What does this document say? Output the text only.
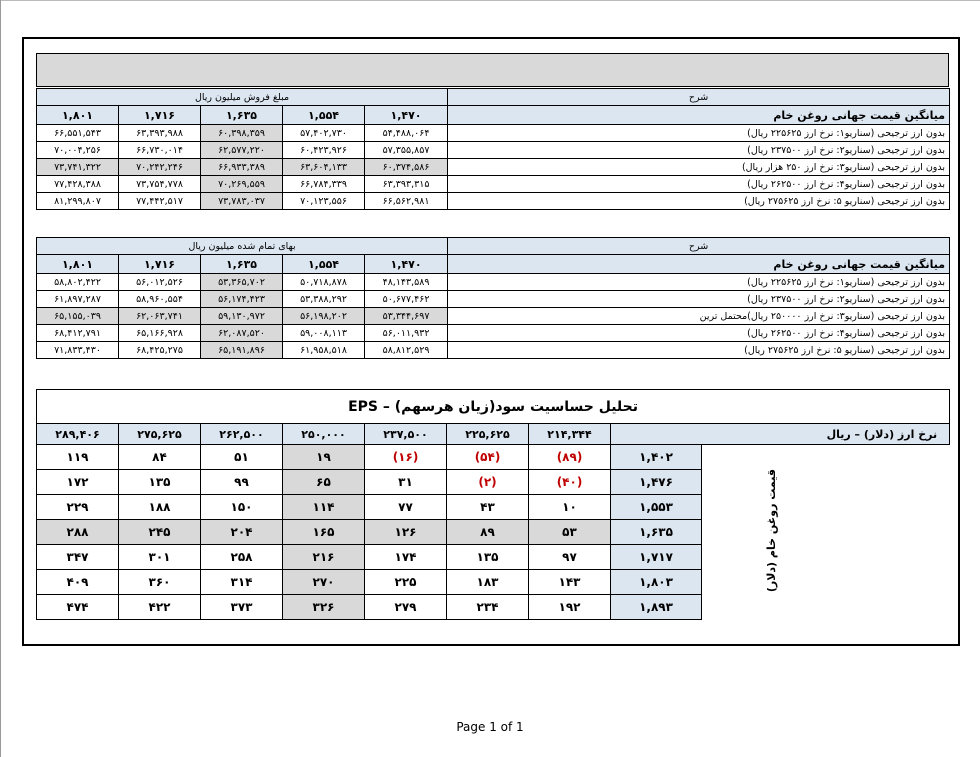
مبلغ فروش میلیون ریال					شرح
۱,۸۰۱	۱,۷۱۶	۱,۶۳۵	۱,۵۵۴	۱,۴۷۰	میانگین قیمت جهانی روغن خام
۶۶,۵۵۱,۵۴۳	۶۳,۳۹۳,۹۸۸	۶۰,۳۹۸,۳۵۹	۵۷,۴۰۲,۷۳۰	۵۴,۴۸۸,۰۶۴	بدون ارز ترجیحی (سناریو۱: نرخ ارز ۲۲۵۶۲۵ ریال)
۷۰,۰۰۴,۲۵۶	۶۶,۷۳۰,۰۱۴	۶۲,۵۷۷,۲۲۰	۶۰,۴۲۳,۹۲۶	۵۷,۳۵۵,۸۵۷	بدون ارز ترجیحی (سناریو۲: نرخ ارز ۲۳۷۵۰۰ ریال)
۷۳,۷۴۱,۳۲۲	۷۰,۲۴۲,۲۴۶	۶۶,۹۳۳,۳۸۹	۶۳,۶۰۴,۱۳۳	۶۰,۳۷۴,۵۸۶	بدون ارز ترجیحی (سناریو۳: نرخ ارز ۲۵۰ هزار ریال)
۷۷,۴۲۸,۳۸۸	۷۳,۷۵۴,۷۷۸	۷۰,۲۶۹,۵۵۹	۶۶,۷۸۴,۳۳۹	۶۳,۳۹۳,۳۱۵	بدون ارز ترجیحی (سناریو۴: نرخ ارز ۲۶۲۵۰۰ ریال)
۸۱,۲۹۹,۸۰۷	۷۷,۴۴۲,۵۱۷	۷۳,۷۸۳,۰۳۷	۷۰,۱۲۳,۵۵۶	۶۶,۵۶۲,۹۸۱	بدون ارز ترجیحی (سناریو ۵: نرخ ارز ۲۷۵۶۲۵ ریال)
بهای تمام شده میلیون ریال					شرح
۱,۸۰۱	۱,۷۱۶	۱,۶۳۵	۱,۵۵۴	۱,۴۷۰	میانگین قیمت جهانی روغن خام
۵۸,۸۰۲,۴۲۲	۵۶,۰۱۲,۵۲۶	۵۳,۳۶۵,۷۰۲	۵۰,۷۱۸,۸۷۸	۴۸,۱۴۳,۵۸۹	بدون ارز ترجیحی (سناریو۱: نرخ ارز ۲۲۵۶۲۵ ریال)
۶۱,۸۹۷,۲۸۷	۵۸,۹۶۰,۵۵۴	۵۶,۱۷۴,۴۲۳	۵۳,۳۸۸,۲۹۲	۵۰,۶۷۷,۴۶۲	بدون ارز ترجیحی (سناریو۲: نرخ ارز ۲۳۷۵۰۰ ریال)
۶۵,۱۵۵,۰۳۹	۶۲,۰۶۳,۷۴۱	۵۹,۱۳۰,۹۷۲	۵۶,۱۹۸,۲۰۲	۵۳,۳۴۴,۶۹۷	بدون ارز ترجیحی (سناریو۳: نرخ ارز ۲۵۰۰۰۰ ریال)محتمل ترین
۶۸,۴۱۲,۷۹۱	۶۵,۱۶۶,۹۲۸	۶۲,۰۸۷,۵۲۰	۵۹,۰۰۸,۱۱۳	۵۶,۰۱۱,۹۳۲	بدون ارز ترجیحی (سناریو۴: نرخ ارز ۲۶۲۵۰۰ ریال)
۷۱,۸۳۳,۴۳۰	۶۸,۴۲۵,۲۷۵	۶۵,۱۹۱,۸۹۶	۶۱,۹۵۸,۵۱۸	۵۸,۸۱۲,۵۲۹	بدون ارز ترجیحی (سناریو ۵: نرخ ارز ۲۷۵۶۲۵ ریال)
تحلیل حساسیت سود(زیان هرسهم) – EPS								
۲۸۹,۴۰۶	۲۷۵,۶۲۵	۲۶۲,۵۰۰	۲۵۰,۰۰۰	۲۳۷,۵۰۰	۲۲۵,۶۲۵	۲۱۴,۳۴۴	نرخ ارز (دلار) – ریال	
۱۱۹	۸۴	۵۱	۱۹	(۱۶)	(۵۴)	(۸۹)	۱,۴۰۲	قیمت روغن خام (دلار)
۱۷۲	۱۳۵	۹۹	۶۵	۳۱	(۲)	(۴۰)	۱,۴۷۶	
۲۲۹	۱۸۸	۱۵۰	۱۱۴	۷۷	۴۳	۱۰	۱,۵۵۳	
۲۸۸	۲۴۵	۲۰۴	۱۶۵	۱۲۶	۸۹	۵۳	۱,۶۳۵	
۳۴۷	۳۰۱	۲۵۸	۲۱۶	۱۷۴	۱۳۵	۹۷	۱,۷۱۷	
۴۰۹	۳۶۰	۳۱۴	۲۷۰	۲۲۵	۱۸۳	۱۴۳	۱,۸۰۳	
۴۷۴	۴۲۲	۳۷۳	۳۲۶	۲۷۹	۲۳۴	۱۹۲	۱,۸۹۳	
Page 1 of 1
